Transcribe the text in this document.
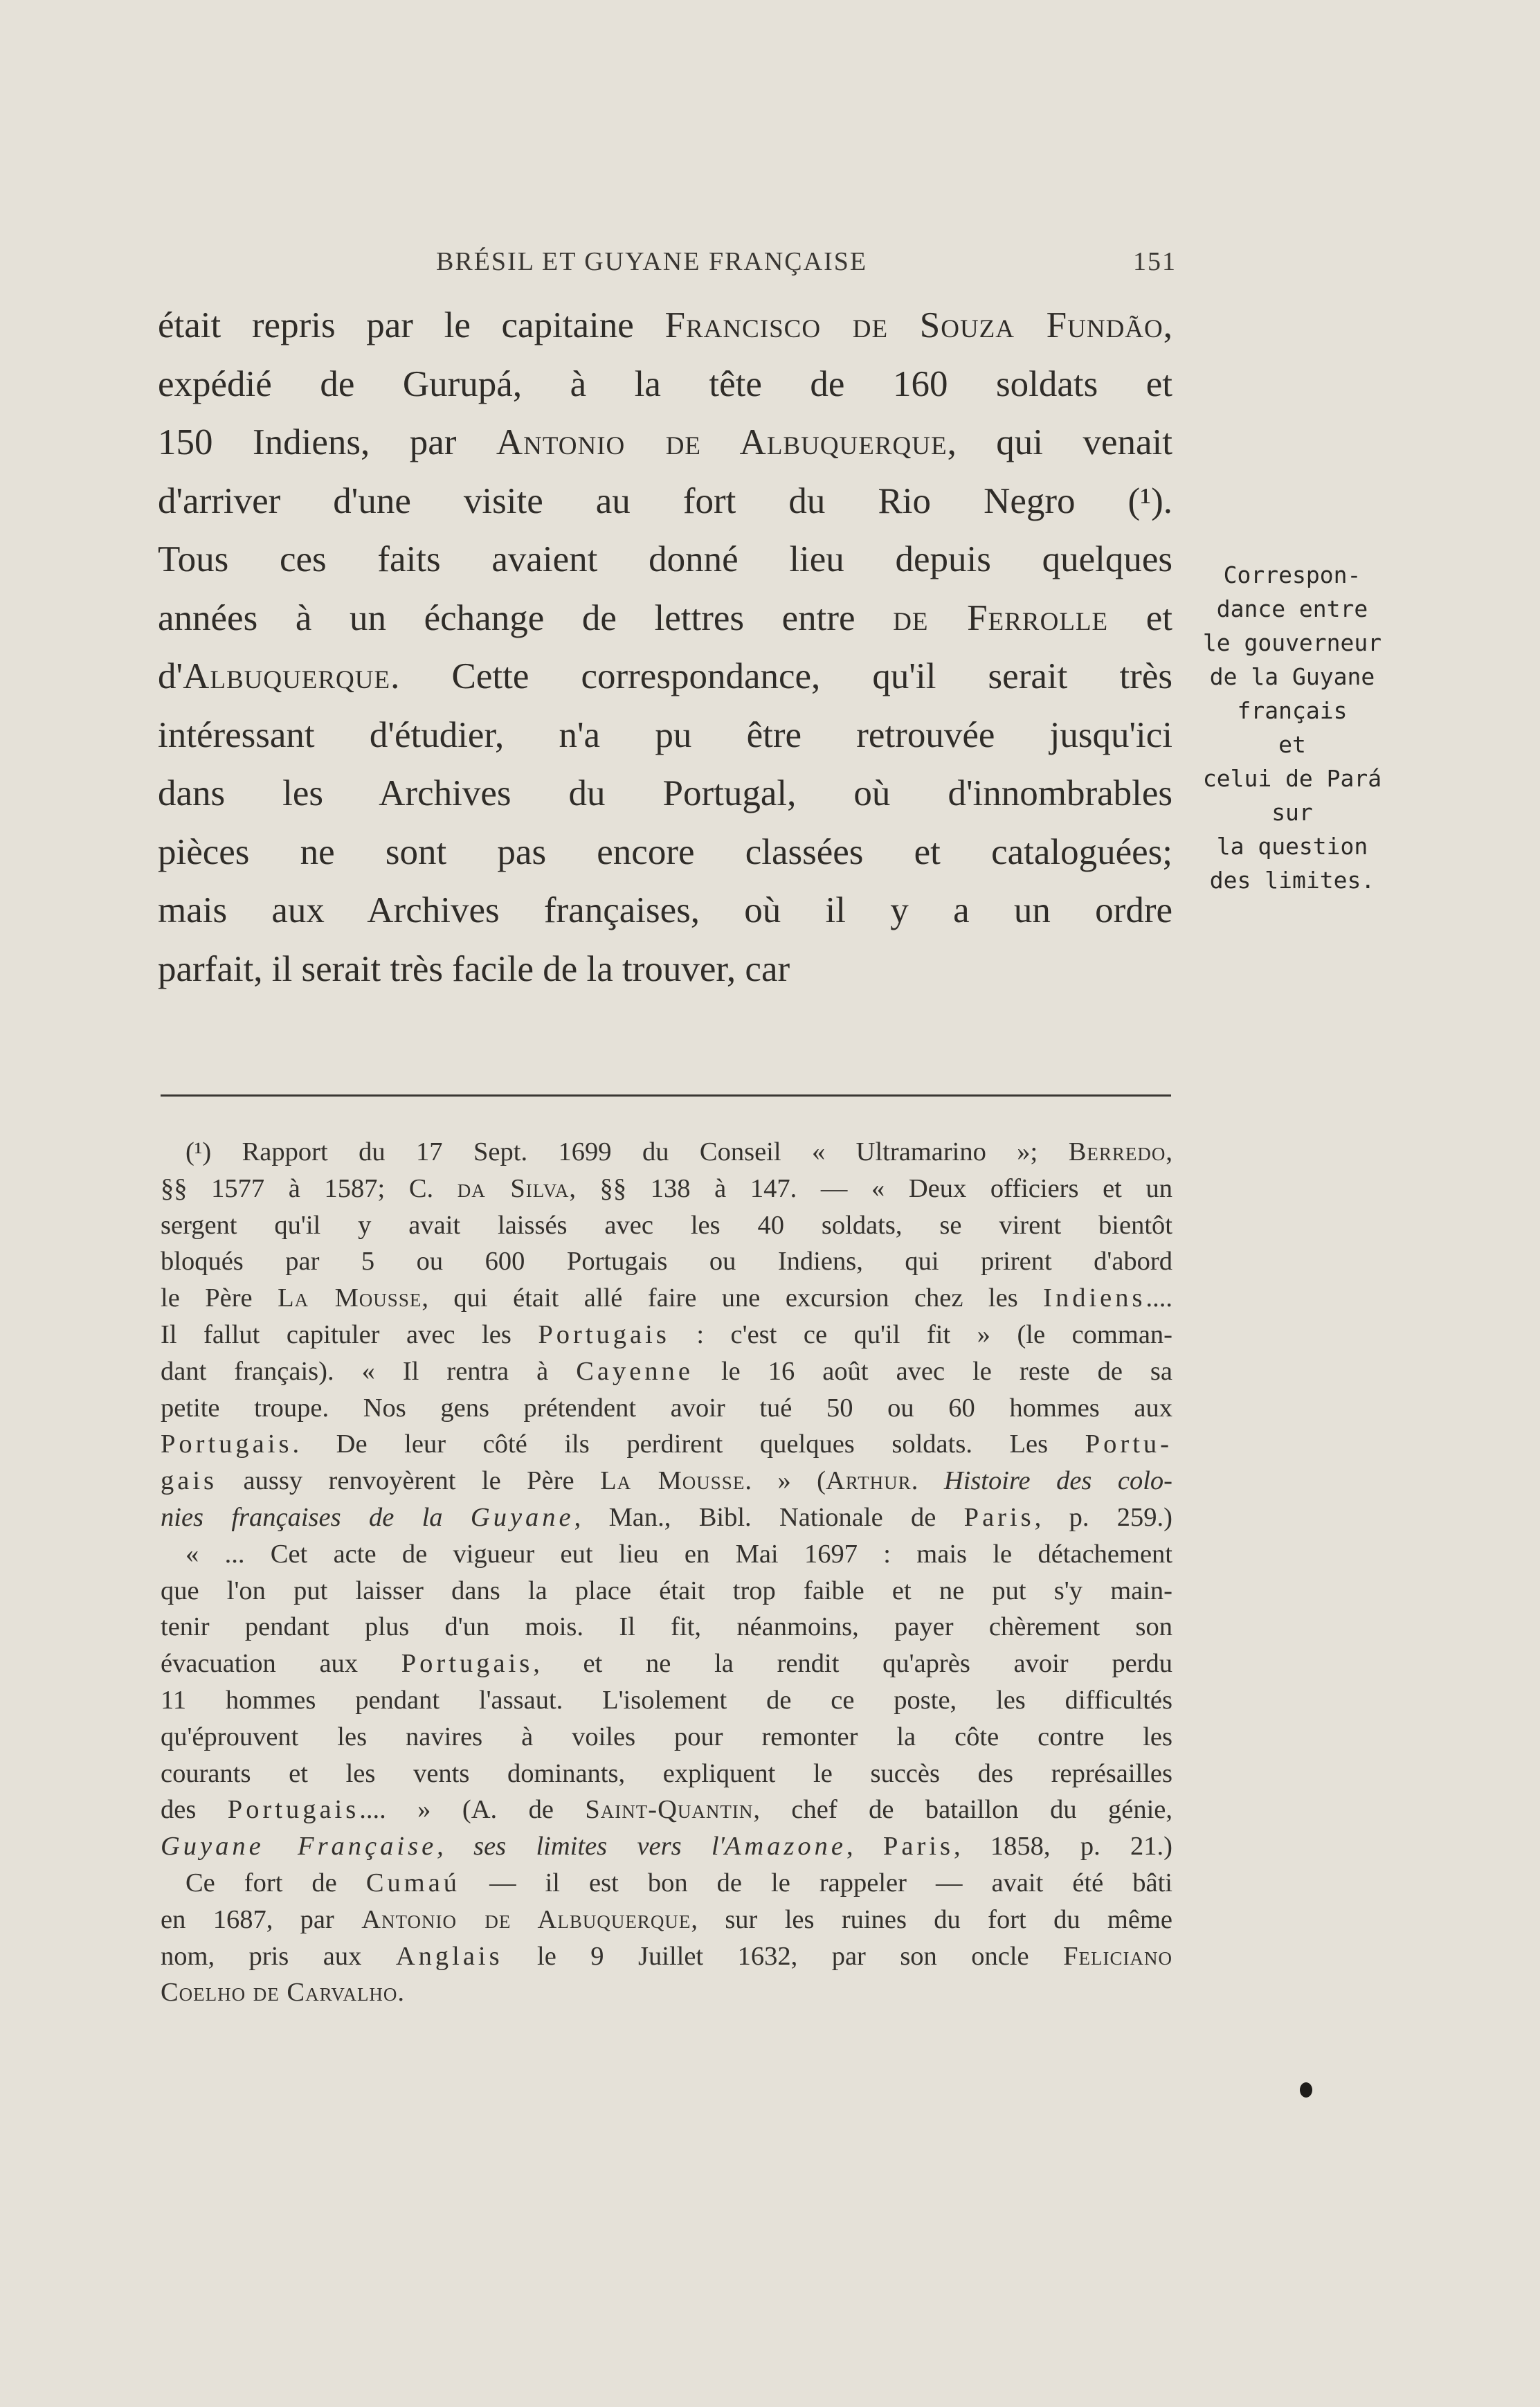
BRÉSIL ET GUYANE FRANÇAISE	151
était repris par le capitaine Francisco de Souza Fundão,
expédié de Gurupá, à la tête de 160 soldats et
150 Indiens, par Antonio de Albuquerque, qui venait
d'arriver d'une visite au fort du Rio Negro (¹).
Tous ces faits avaient donné lieu depuis quelques
années à un échange de lettres entre de Ferrolle et
d'Albuquerque. Cette correspondance, qu'il serait très
intéressant d'étudier, n'a pu être retrouvée jusqu'ici
dans les Archives du Portugal, où d'innombrables
pièces ne sont pas encore classées et cataloguées;
mais aux Archives françaises, où il y a un ordre
parfait, il serait très facile de la trouver, car
Correspon-
dance entre
le gouverneur
de la Guyane
français
et
celui de Pará
sur
la question
des limites.
(¹) Rapport du 17 Sept. 1699 du Conseil « Ultramarino »; Berredo,
§§ 1577 à 1587; C. da Silva, §§ 138 à 147. — « Deux officiers et un
sergent qu'il y avait laissés avec les 40 soldats, se virent bientôt
bloqués par 5 ou 600 Portugais ou Indiens, qui prirent d'abord
le Père La Mousse, qui était allé faire une excursion chez les Indiens....
Il fallut capituler avec les Portugais : c'est ce qu'il fit » (le comman-
dant français). « Il rentra à Cayenne le 16 août avec le reste de sa
petite troupe. Nos gens prétendent avoir tué 50 ou 60 hommes aux
Portugais. De leur côté ils perdirent quelques soldats. Les Portu-
gais aussy renvoyèrent le Père La Mousse. » (Arthur. Histoire des colo-
nies françaises de la Guyane, Man., Bibl. Nationale de Paris, p. 259.)
« ... Cet acte de vigueur eut lieu en Mai 1697 : mais le détachement
que l'on put laisser dans la place était trop faible et ne put s'y main-
tenir pendant plus d'un mois. Il fit, néanmoins, payer chèrement son
évacuation aux Portugais, et ne la rendit qu'après avoir perdu
11 hommes pendant l'assaut. L'isolement de ce poste, les difficultés
qu'éprouvent les navires à voiles pour remonter la côte contre les
courants et les vents dominants, expliquent le succès des représailles
des Portugais.... » (A. de Saint-Quantin, chef de bataillon du génie,
Guyane Française, ses limites vers l'Amazone, Paris, 1858, p. 21.)
Ce fort de Cumaú — il est bon de le rappeler — avait été bâti
en 1687, par Antonio de Albuquerque, sur les ruines du fort du même
nom, pris aux Anglais le 9 Juillet 1632, par son oncle Feliciano
Coelho de Carvalho.
